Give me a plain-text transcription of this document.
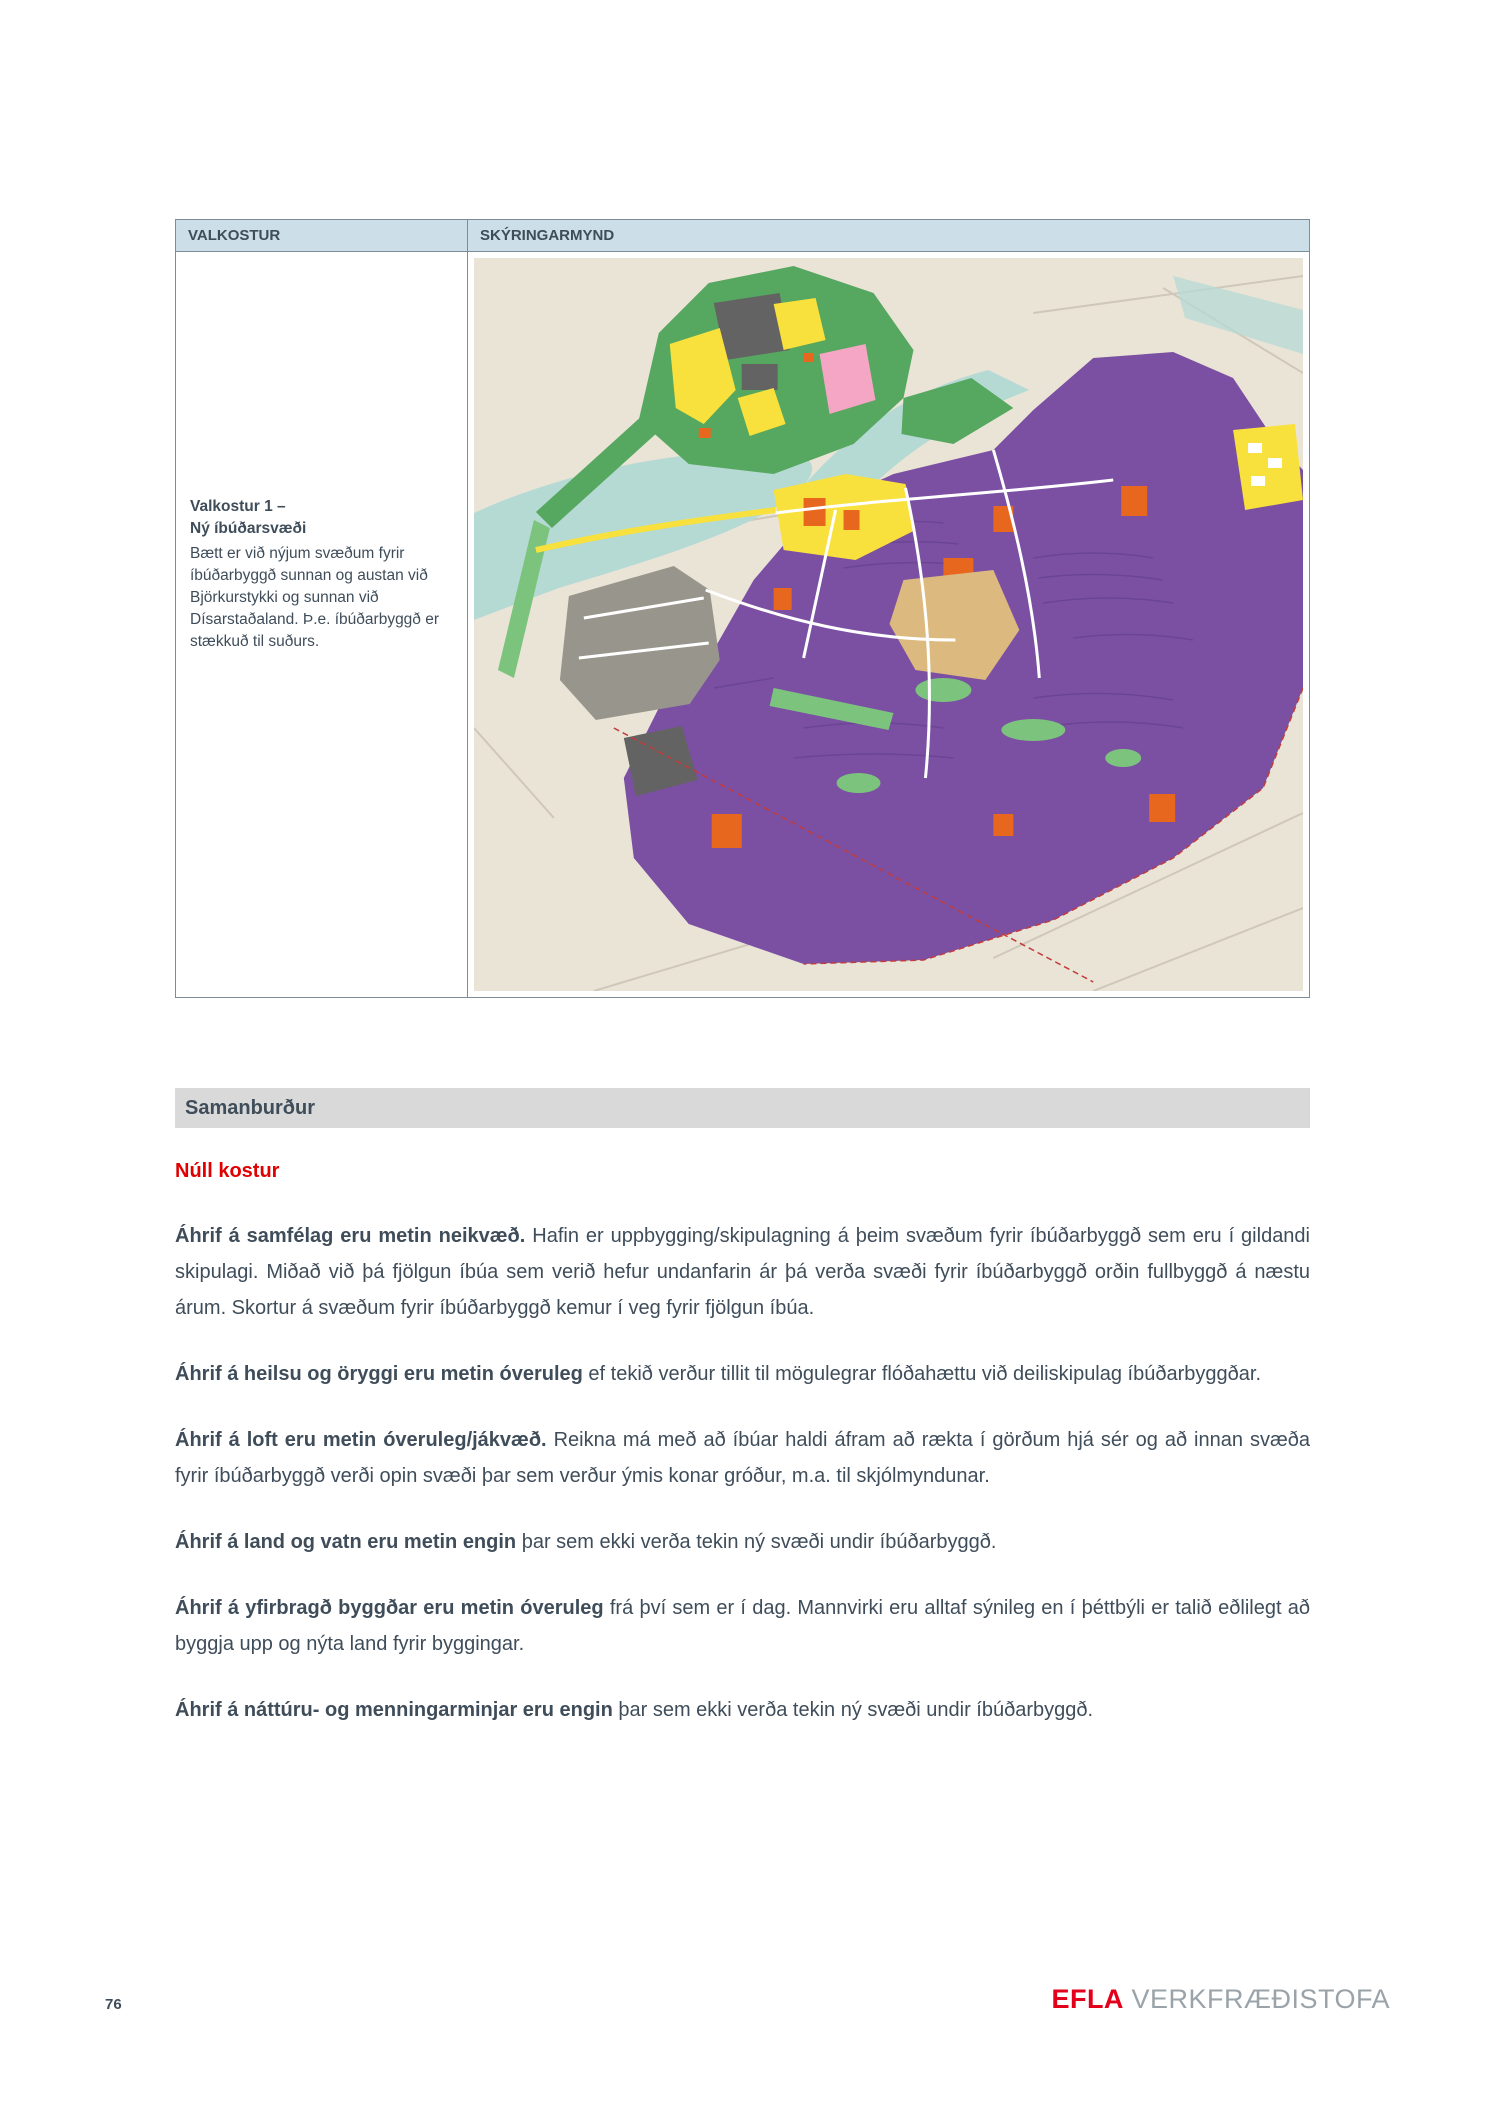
VALKOSTUR	SKÝRINGARMYND

Valkostur 1 –
Ný íbúðarsvæði
Bætt er við nýjum svæðum fyrir íbúðarbyggð sunnan og austan við Björkurstykki og sunnan við Dísarstaðaland. Þ.e. íbúðarbyggð er stækkuð til suðurs.

Samanburður
Núll kostur

Áhrif á samfélag eru metin neikvæð. Hafin er uppbygging/skipulagning á þeim svæðum fyrir íbúðarbyggð sem eru í gildandi skipulagi. Miðað við þá fjölgun íbúa sem verið hefur undanfarin ár þá verða svæði fyrir íbúðarbyggð orðin fullbyggð á næstu árum. Skortur á svæðum fyrir íbúðarbyggð kemur í veg fyrir fjölgun íbúa.

Áhrif á heilsu og öryggi eru metin óveruleg ef tekið verður tillit til mögulegrar flóðahættu við deiliskipulag íbúðarbyggðar.

Áhrif á loft eru metin óveruleg/jákvæð. Reikna má með að íbúar haldi áfram að rækta í görðum hjá sér og að innan svæða fyrir íbúðarbyggð verði opin svæði þar sem verður ýmis konar gróður, m.a. til skjólmyndunar.

Áhrif á land og vatn eru metin engin þar sem ekki verða tekin ný svæði undir íbúðarbyggð.

Áhrif á yfirbragð byggðar eru metin óveruleg frá því sem er í dag. Mannvirki eru alltaf sýnileg en í þéttbýli er talið eðlilegt að byggja upp og nýta land fyrir byggingar.

Áhrif á náttúru- og menningarminjar eru engin þar sem ekki verða tekin ný svæði undir íbúðarbyggð.

76	EFLA VERKFRÆÐISTOFA
